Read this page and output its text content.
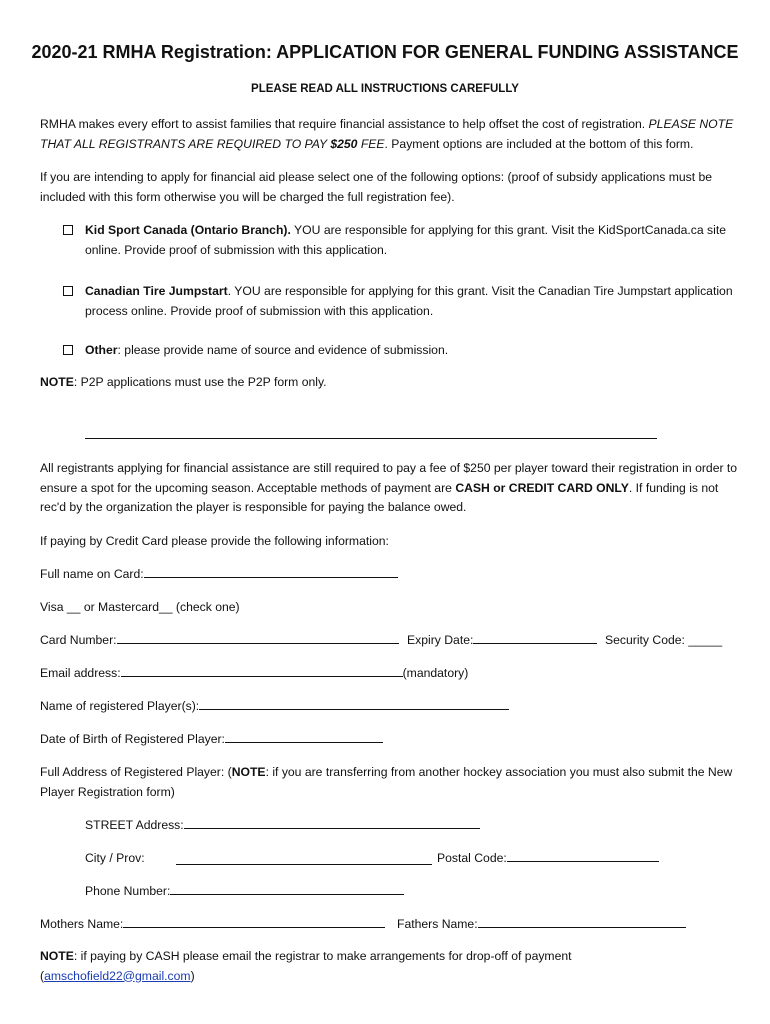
2020-21 RMHA Registration: APPLICATION FOR GENERAL FUNDING ASSISTANCE
PLEASE READ ALL INSTRUCTIONS CAREFULLY
RMHA makes every effort to assist families that require financial assistance to help offset the cost of registration. PLEASE NOTE THAT ALL REGISTRANTS ARE REQUIRED TO PAY $250 FEE. Payment options are included at the bottom of this form.
If you are intending to apply for financial aid please select one of the following options: (proof of subsidy applications must be included with this form otherwise you will be charged the full registration fee).
Kid Sport Canada (Ontario Branch). YOU are responsible for applying for this grant. Visit the KidSportCanada.ca site online. Provide proof of submission with this application.
Canadian Tire Jumpstart. YOU are responsible for applying for this grant. Visit the Canadian Tire Jumpstart application process online. Provide proof of submission with this application.
Other: please provide name of source and evidence of submission.
NOTE: P2P applications must use the P2P form only.
All registrants applying for financial assistance are still required to pay a fee of $250 per player toward their registration in order to ensure a spot for the upcoming season. Acceptable methods of payment are CASH or CREDIT CARD ONLY. If funding is not rec'd by the organization the player is responsible for paying the balance owed.
If paying by Credit Card please provide the following information:
Full name on Card:
Visa __ or Mastercard__ (check one)
Card Number:	Expiry Date:	Security Code: _____
Email address:	(mandatory)
Name of registered Player(s):
Date of Birth of Registered Player:
Full Address of Registered Player: (NOTE: if you are transferring from another hockey association you must also submit the New Player Registration form)
STREET Address:
City / Prov:	Postal Code:
Phone Number:
Mothers Name:	Fathers Name:
NOTE: if paying by CASH please email the registrar to make arrangements for drop-off of payment
(amschofield22@gmail.com)
